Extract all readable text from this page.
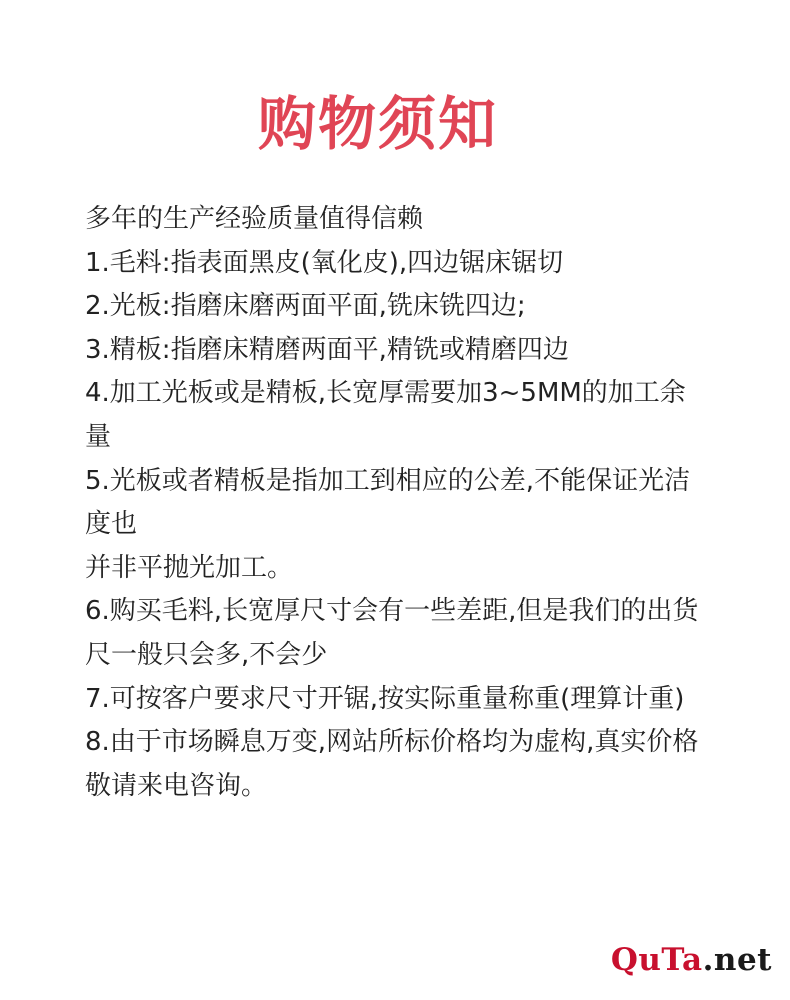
购物须知
多年的生产经验质量值得信赖
1.毛料:指表面黑皮(氧化皮),四边锯床锯切
2.光板:指磨床磨两面平面,铣床铣四边;
3.精板:指磨床精磨两面平,精铣或精磨四边
4.加工光板或是精板,长宽厚需要加3~5MM的加工余量
5.光板或者精板是指加工到相应的公差,不能保证光洁度也
并非平抛光加工。
6.购买毛料,长宽厚尺寸会有一些差距,但是我们的出货尺一般只会多,不会少
7.可按客户要求尺寸开锯,按实际重量称重(理算计重)
8.由于市场瞬息万变,网站所标价格均为虚构,真实价格敬请来电咨询。
QuTa.net
